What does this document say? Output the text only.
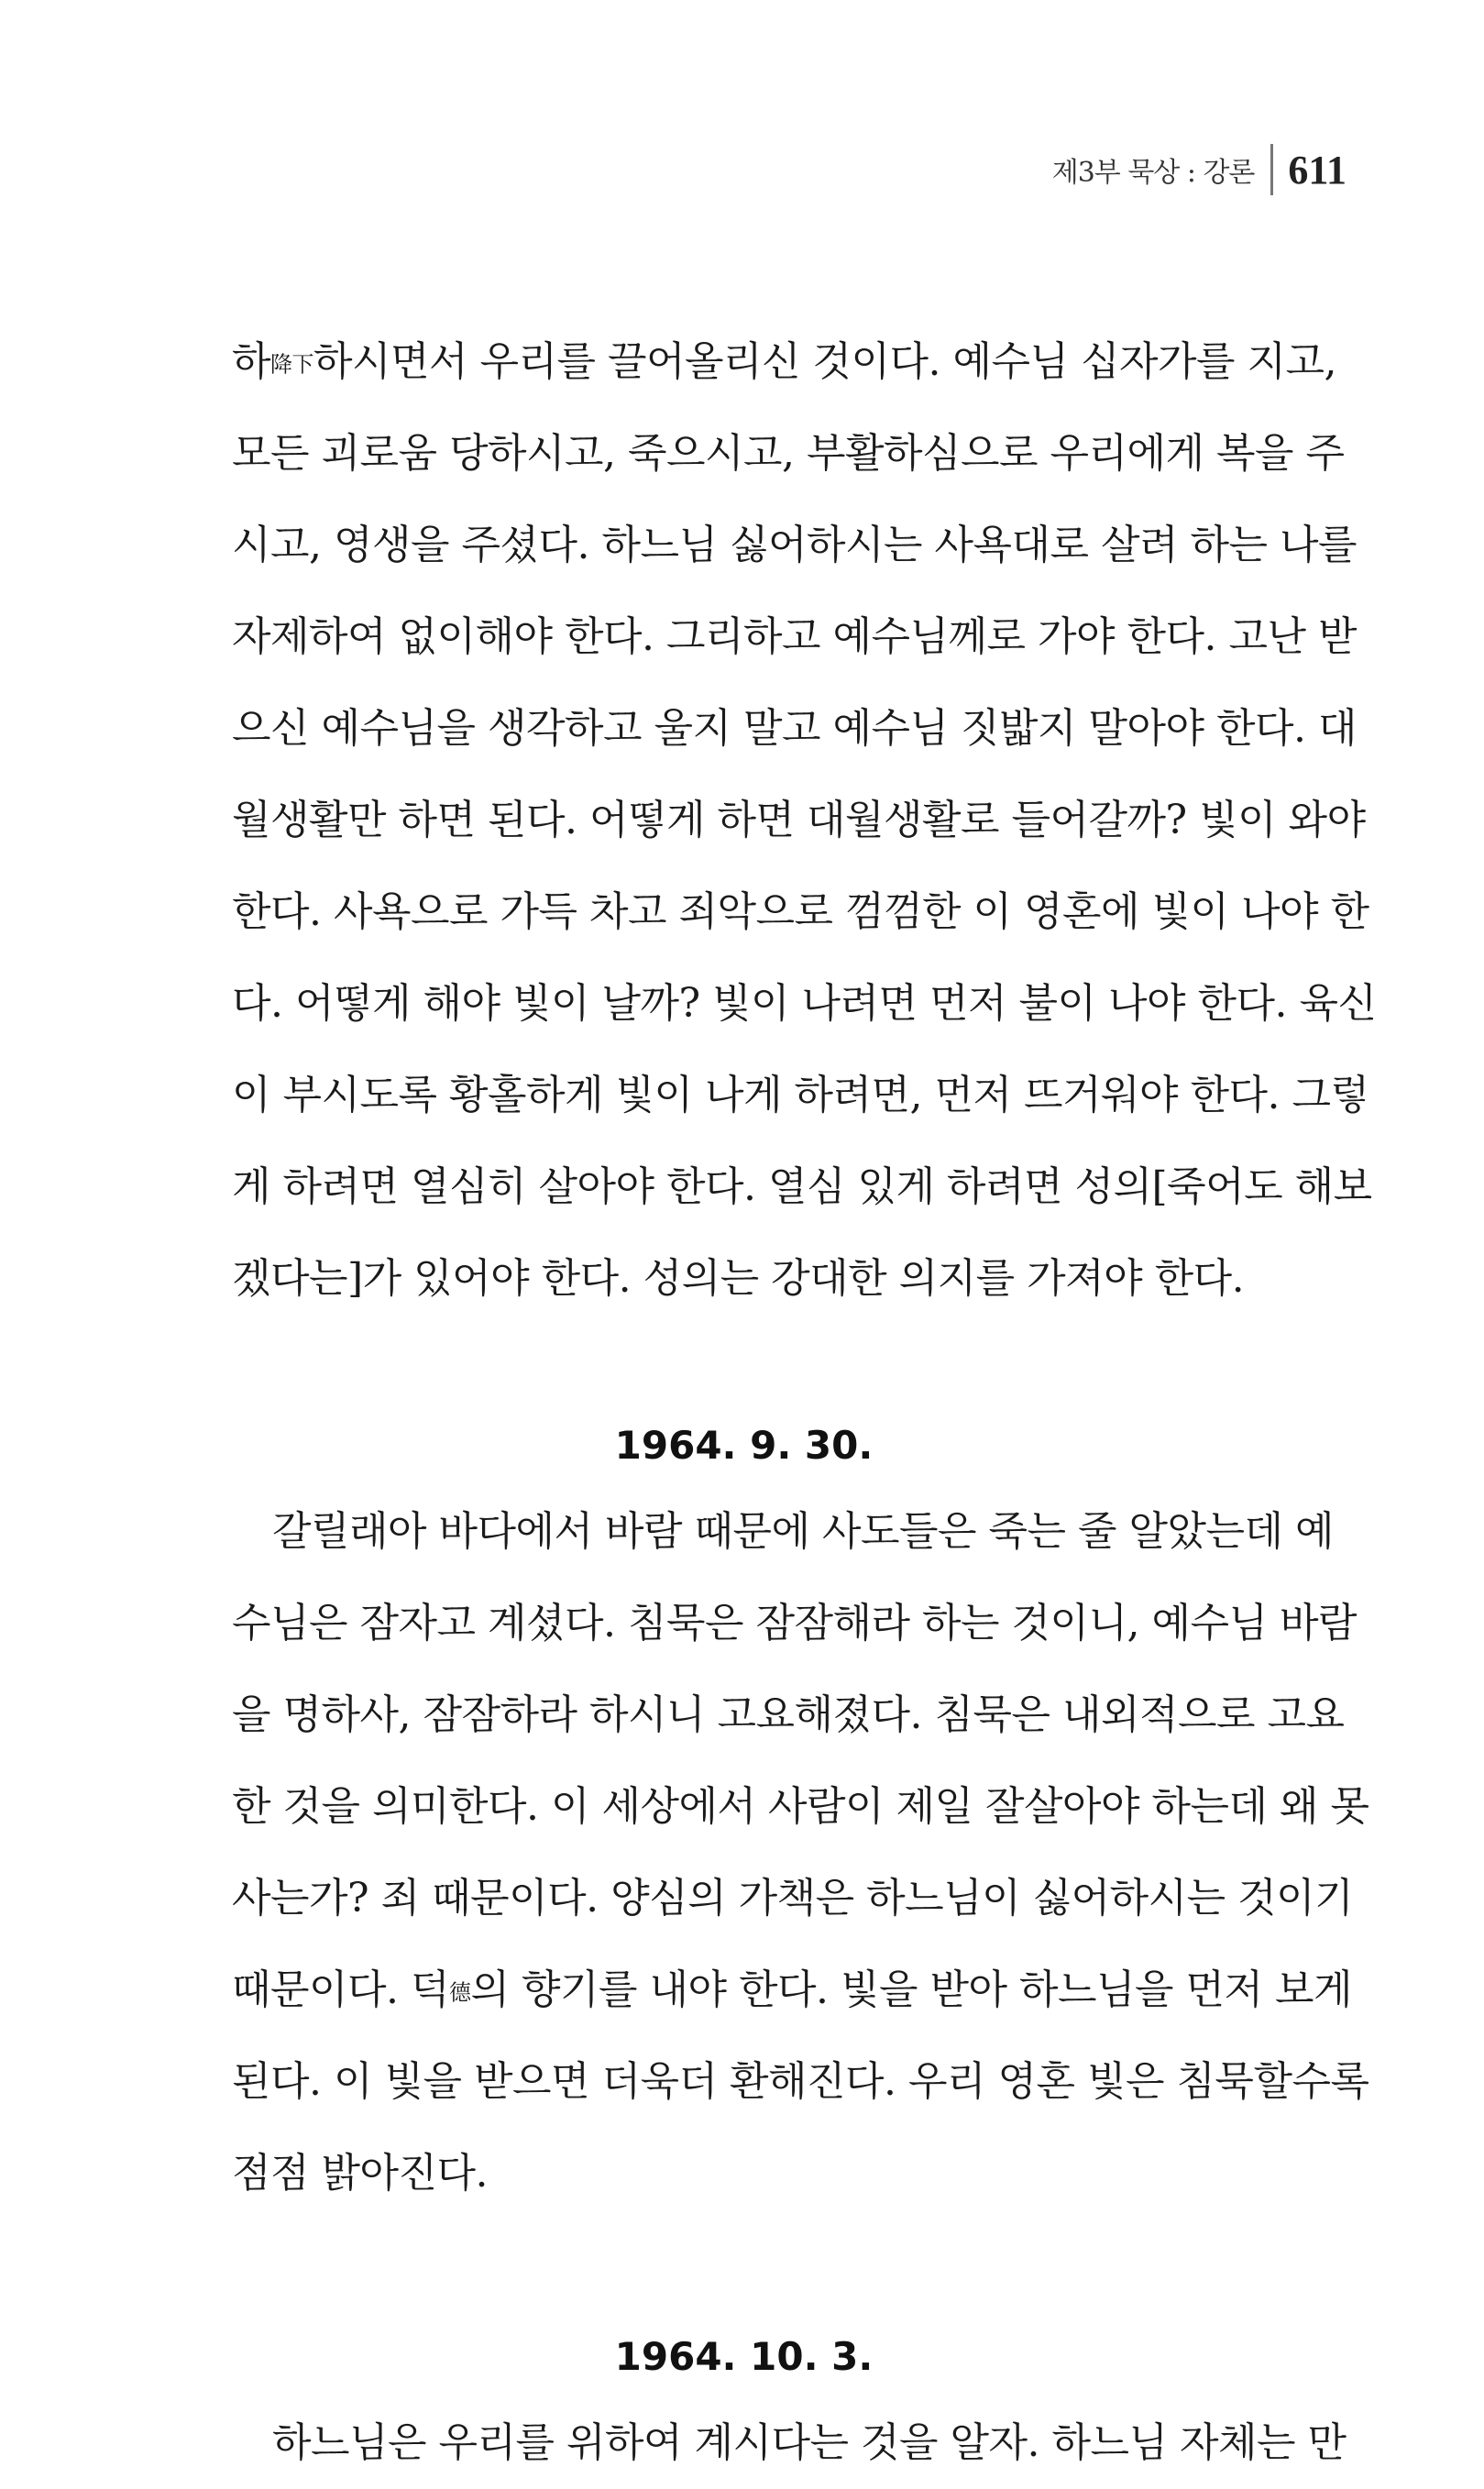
제3부 묵상 : 강론 611
하降下하시면서 우리를 끌어올리신 것이다. 예수님 십자가를 지고,
모든 괴로움 당하시고, 죽으시고, 부활하심으로 우리에게 복을 주
시고, 영생을 주셨다. 하느님 싫어하시는 사욕대로 살려 하는 나를
자제하여 없이해야 한다. 그리하고 예수님께로 가야 한다. 고난 받
으신 예수님을 생각하고 울지 말고 예수님 짓밟지 말아야 한다. 대
월생활만 하면 된다. 어떻게 하면 대월생활로 들어갈까? 빛이 와야
한다. 사욕으로 가득 차고 죄악으로 껌껌한 이 영혼에 빛이 나야 한
다. 어떻게 해야 빛이 날까? 빛이 나려면 먼저 불이 나야 한다. 육신
이 부시도록 황홀하게 빛이 나게 하려면, 먼저 뜨거워야 한다. 그렇
게 하려면 열심히 살아야 한다. 열심 있게 하려면 성의[죽어도 해보
겠다는]가 있어야 한다. 성의는 강대한 의지를 가져야 한다.
1964. 9. 30.
갈릴래아 바다에서 바람 때문에 사도들은 죽는 줄 알았는데 예
수님은 잠자고 계셨다. 침묵은 잠잠해라 하는 것이니, 예수님 바람
을 명하사, 잠잠하라 하시니 고요해졌다. 침묵은 내외적으로 고요
한 것을 의미한다. 이 세상에서 사람이 제일 잘살아야 하는데 왜 못
사는가? 죄 때문이다. 양심의 가책은 하느님이 싫어하시는 것이기
때문이다. 덕德의 향기를 내야 한다. 빛을 받아 하느님을 먼저 보게
된다. 이 빛을 받으면 더욱더 환해진다. 우리 영혼 빛은 침묵할수록
점점 밝아진다.
1964. 10. 3.
하느님은 우리를 위하여 계시다는 것을 알자. 하느님 자체는 만
